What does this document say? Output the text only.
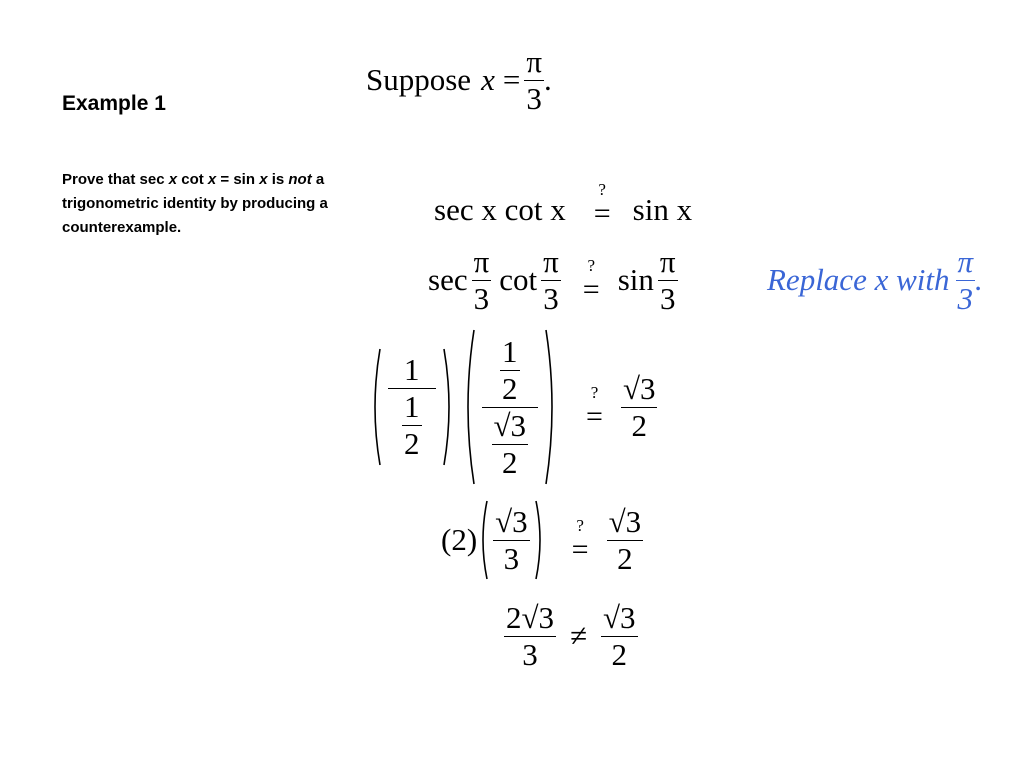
Example 1
Prove that sec x cot x = sin x is not a trigonometric identity by producing a counterexample.
Suppose $x = \frac{\pi}{3}$ .
sec x cot x
?
= sin x
$\sec \frac{\pi}{3}$ $\cot \frac{\pi}{3}$ ?
= $\sin \frac{\pi}{3}$	Replace x with $\frac{\pi}{3}$ .
$\frac{1}{\frac{1}{2}} \frac{\frac{1}{2}}{\frac{√3}{2}}$	?
= $\frac{√3}{2}$
$(2) \frac{√3}{3}$	?
= $\frac{√3}{2}$
$\frac{2√3}{3} \ne \frac{√3}{2}$
